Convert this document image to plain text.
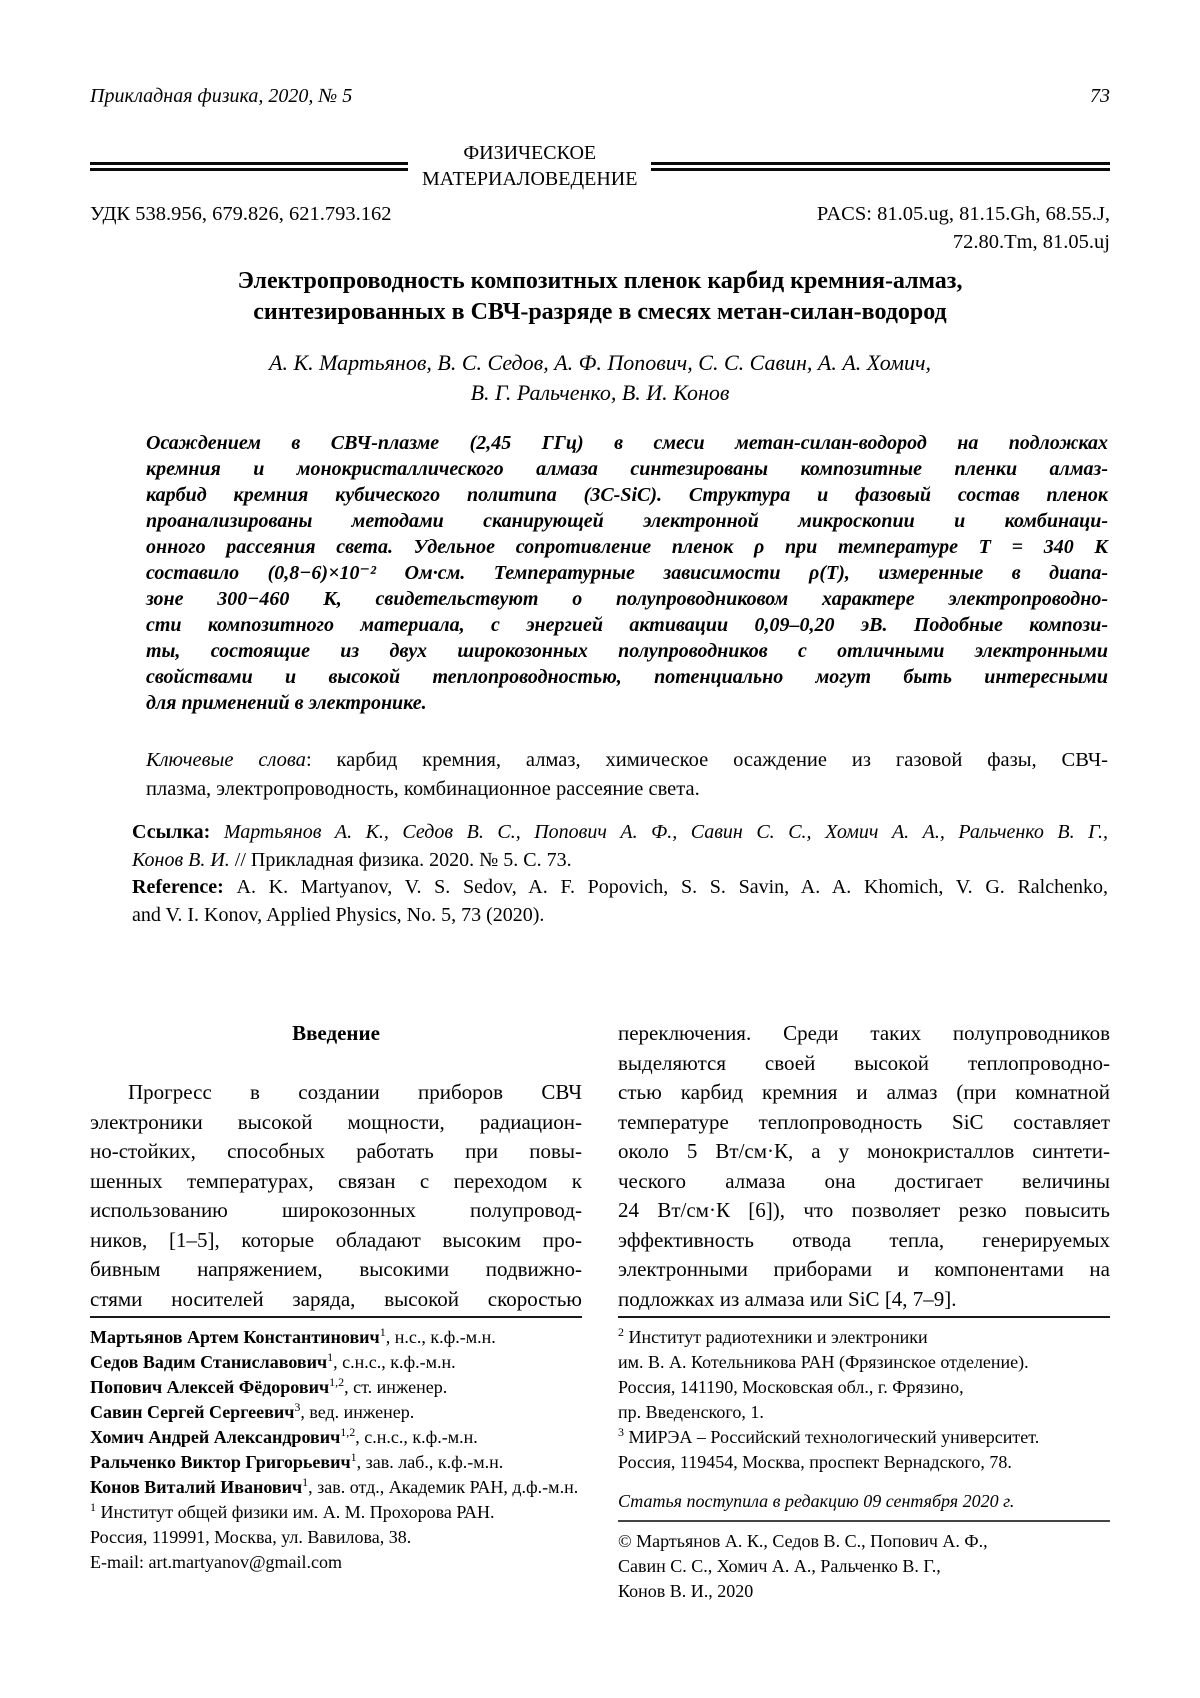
Прикладная физика, 2020, № 5	73
ФИЗИЧЕСКОЕ
МАТЕРИАЛОВЕДЕНИЕ
УДК 538.956, 679.826, 621.793.162	PACS: 81.05.ug, 81.15.Gh, 68.55.J,
72.80.Tm, 81.05.uj
Электропроводность композитных пленок карбид кремния-алмаз,
синтезированных в СВЧ-разряде в смесях метан-силан-водород
А. К. Мартьянов, В. С. Седов, А. Ф. Попович, С. С. Савин, А. А. Хомич,
В. Г. Ральченко, В. И. Конов
Осаждением в СВЧ-плазме (2,45 ГГц) в смеси метан-силан-водород на подложках
кремния и монокристаллического алмаза синтезированы композитные пленки алмаз-
карбид кремния кубического политипа (3C-SiC). Структура и фазовый состав пленок
проанализированы методами сканирующей электронной микроскопии и комбинаци-
онного рассеяния света. Удельное сопротивление пленок ρ при температуре Т = 340 К
составило (0,8−6)×10⁻² Ом·см. Температурные зависимости ρ(Т), измеренные в диапа-
зоне 300−460 К, свидетельствуют о полупроводниковом характере электропроводно-
сти композитного материала, с энергией активации 0,09–0,20 эВ. Подобные компози-
ты, состоящие из двух широкозонных полупроводников с отличными электронными
свойствами и высокой теплопроводностью, потенциально могут быть интересными
для применений в электронике.
Ключевые слова: карбид кремния, алмаз, химическое осаждение из газовой фазы, СВЧ-
плазма, электропроводность, комбинационное рассеяние света.
Ссылка: Мартьянов А. К., Седов В. С., Попович А. Ф., Савин С. С., Хомич А. А., Ральченко В. Г.,
Конов В. И. // Прикладная физика. 2020. № 5. С. 73.
Reference: A. K. Martyanov, V. S. Sedov, A. F. Popovich, S. S. Savin, A. A. Khomich, V. G. Ralchenko,
and V. I. Konov, Applied Physics, No. 5, 73 (2020).
Введение
Прогресс в создании приборов СВЧ
электроники высокой мощности, радиацион-
но-стойких, способных работать при повы-
шенных температурах, связан с переходом к
использованию широкозонных полупровод-
ников, [1–5], которые обладают высоким про-
бивным напряжением, высокими подвижно-
стями носителей заряда, высокой скоростью
переключения. Среди таких полупроводников
выделяются своей высокой теплопроводно-
стью карбид кремния и алмаз (при комнатной
температуре теплопроводность SiC составляет
около 5 Вт/см·К, а у монокристаллов синтети-
ческого алмаза она достигает величины
24 Вт/см·К [6]), что позволяет резко повысить
эффективность отвода тепла, генерируемых
электронными приборами и компонентами на
подложках из алмаза или SiC [4, 7–9].
Мартьянов Артем Константинович$^1$, н.с., к.ф.-м.н.
Седов Вадим Станиславович$^1$, с.н.с., к.ф.-м.н.
Попович Алексей Фёдорович$^{1,2}$, ст. инженер.
Савин Сергей Сергеевич$^3$, вед. инженер.
Хомич Андрей Александрович$^{1,2}$, с.н.с., к.ф.-м.н.
Ральченко Виктор Григорьевич$^1$, зав. лаб., к.ф.-м.н.
Конов Виталий Иванович$^1$, зав. отд., Академик РАН, д.ф.-м.н.
$^1$ Институт общей физики им. А. М. Прохорова РАН.
Россия, 119991, Москва, ул. Вавилова, 38.
E-mail: art.martyanov@gmail.com
$^2$ Институт радиотехники и электроники
им. В. А. Котельникова РАН (Фрязинское отделение).
Россия, 141190, Московская обл., г. Фрязино,
пр. Введенского, 1.
$^3$ МИРЭА – Российский технологический университет.
Россия, 119454, Москва, проспект Вернадского, 78.
Статья поступила в редакцию 09 сентября 2020 г.
© Мартьянов А. К., Седов В. С., Попович А. Ф.,
Савин С. С., Хомич А. А., Ральченко В. Г.,
Конов В. И., 2020
